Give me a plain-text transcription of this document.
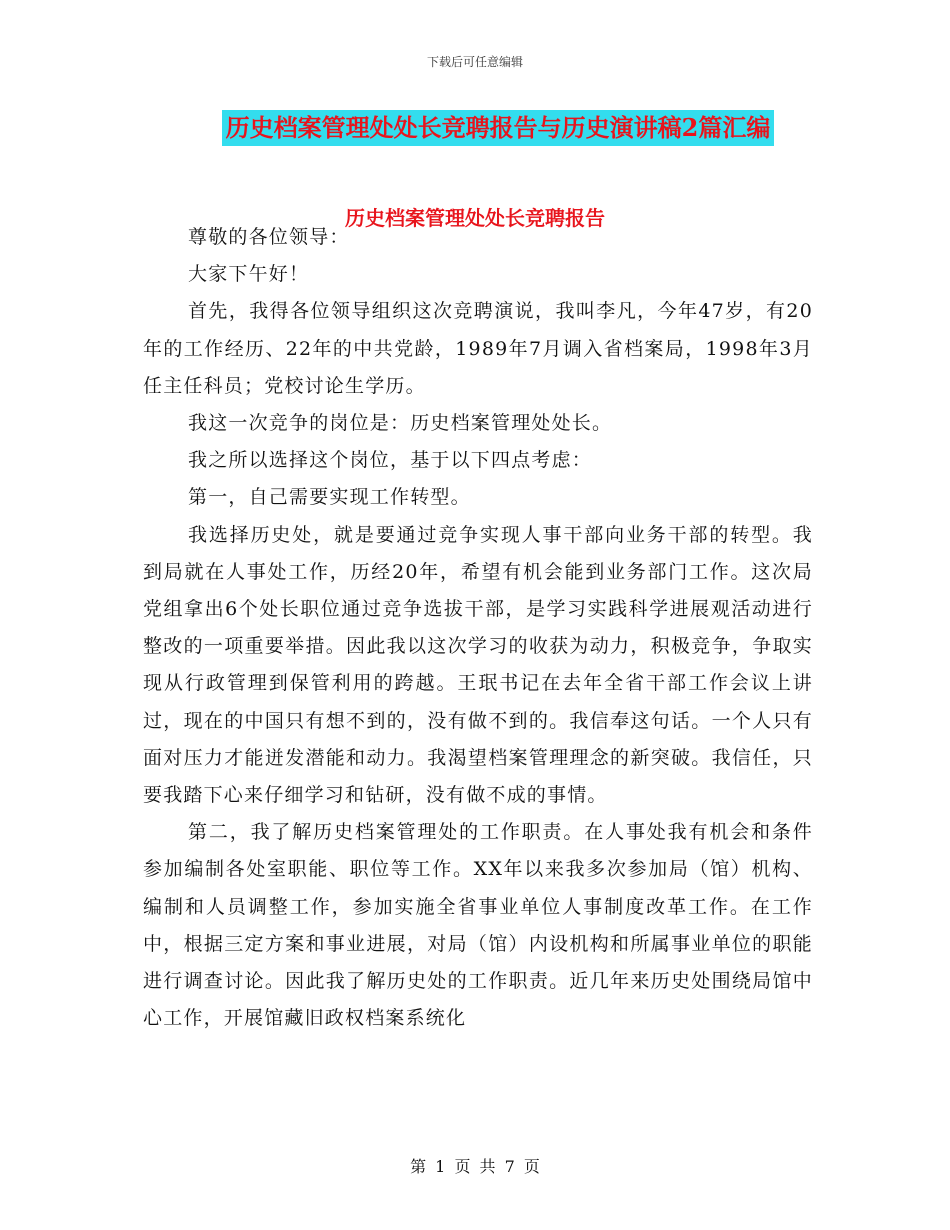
下载后可任意编辑
历史档案管理处处长竞聘报告与历史演讲稿2篇汇编
历史档案管理处处长竞聘报告

尊敬的各位领导：

大家下午好！

首先，我得各位领导组织这次竞聘演说，我叫李凡，今年47岁，有20年的工作经历、22年的中共党龄，1989年7月调入省档案局，1998年3月任主任科员；党校讨论生学历。

我这一次竞争的岗位是：历史档案管理处处长。

我之所以选择这个岗位，基于以下四点考虑：

第一，自己需要实现工作转型。

我选择历史处，就是要通过竞争实现人事干部向业务干部的转型。我到局就在人事处工作，历经20年，希望有机会能到业务部门工作。这次局党组拿出6个处长职位通过竞争选拔干部，是学习实践科学进展观活动进行整改的一项重要举措。因此我以这次学习的收获为动力，积极竞争，争取实现从行政管理到保管利用的跨越。王珉书记在去年全省干部工作会议上讲过，现在的中国只有想不到的，没有做不到的。我信奉这句话。一个人只有面对压力才能迸发潜能和动力。我渴望档案管理理念的新突破。我信任，只要我踏下心来仔细学习和钻研，没有做不成的事情。

第二，我了解历史档案管理处的工作职责。在人事处我有机会和条件参加编制各处室职能、职位等工作。XX年以来我多次参加局（馆）机构、编制和人员调整工作，参加实施全省事业单位人事制度改革工作。在工作中，根据三定方案和事业进展，对局（馆）内设机构和所属事业单位的职能进行调查讨论。因此我了解历史处的工作职责。近几年来历史处围绕局馆中心工作，开展馆藏旧政权档案系统化

第 1 页 共 7 页
